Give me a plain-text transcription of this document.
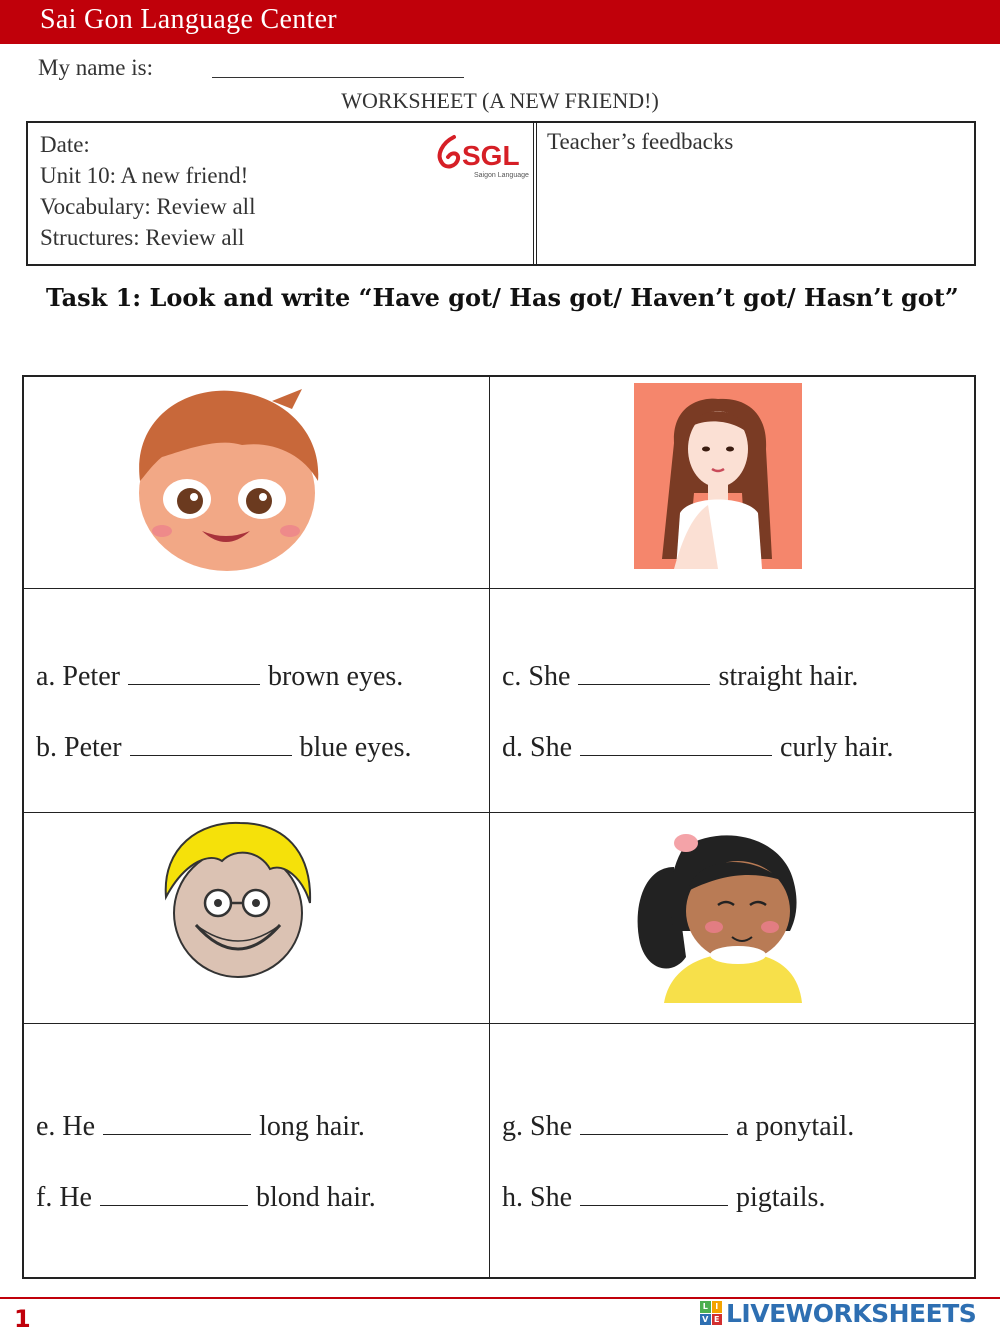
Sai Gon Language Center
My name is:
WORKSHEET (A NEW FRIEND!)
Date:
Unit 10: A new friend!
Vocabulary: Review all
Structures: Review all
SGL
Saigon Language
Teacher’s feedbacks
Task 1: Look and write “Have got/ Has got/ Haven’t got/ Hasn’t got”
a. Peter	brown eyes.
b. Peter	blue eyes.
c. She	straight hair.
d. She	curly hair.
e. He	long hair.
f. He	blond hair.
g. She	a ponytail.
h. She	pigtails.
1	L I
V E LIVEWORKSHEETS
